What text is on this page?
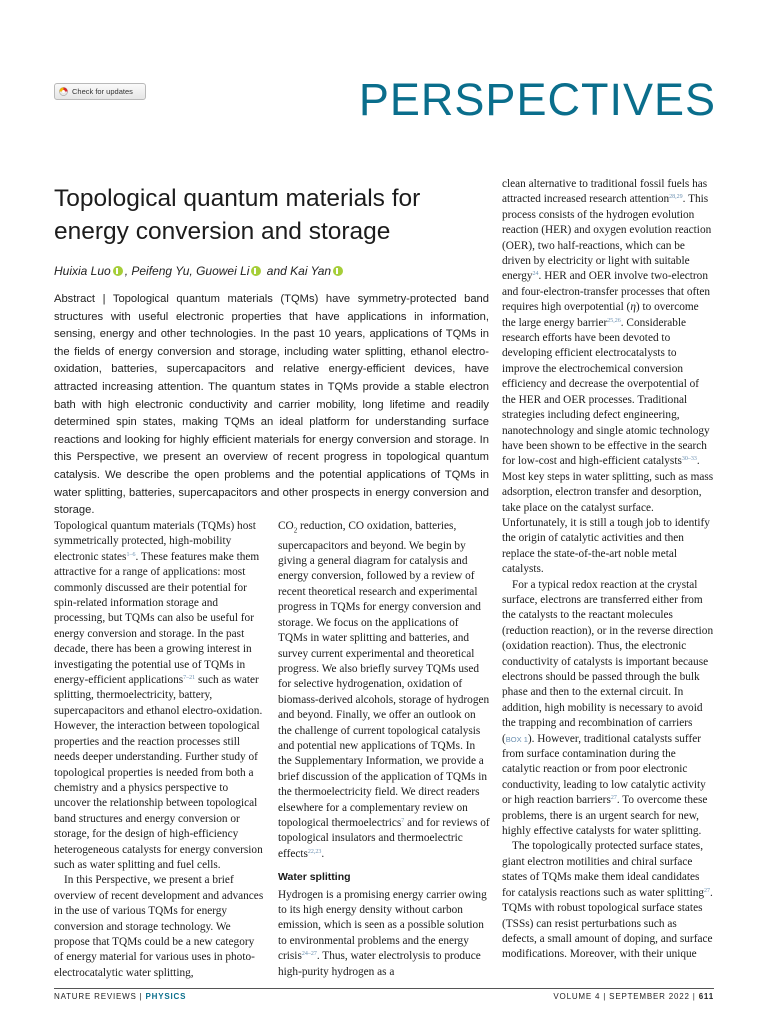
Check for updates	PERSPECTIVES
Topological quantum materials for energy conversion and storage
Huixia Luo , Peifeng Yu, Guowei Li and Kai Yan

Abstract | Topological quantum materials (TQMs) have symmetry-protected band structures with useful electronic properties that have applications in information, sensing, energy and other technologies. In the past 10 years, applications of TQMs in the fields of energy conversion and storage, including water splitting, ethanol electro-oxidation, batteries, supercapacitors and relative energy-efficient devices, have attracted increasing attention. The quantum states in TQMs provide a stable electron bath with high electronic conductivity and carrier mobility, long lifetime and readily determined spin states, making TQMs an ideal platform for understanding surface reactions and looking for highly efficient materials for energy conversion and storage. In this Perspective, we present an overview of recent progress in topological quantum catalysis. We describe the open problems and the potential applications of TQMs in water splitting, batteries, supercapacitors and other prospects in energy conversion and storage.

Topological quantum materials (TQMs) host symmetrically protected, high-mobility electronic states$^{1-6}$. These features make them attractive for a range of applications: most commonly discussed are their potential for spin-related information storage and processing, but TQMs can also be useful for energy conversion and storage. In the past decade, there has been a growing interest in investigating the potential use of TQMs in energy-efficient applications$^{7-21}$ such as water splitting, thermoelectricity, battery, supercapacitors and ethanol electro-oxidation. However, the interaction between topological properties and the reaction processes still needs deeper understanding. Further study of topological properties is needed from both a chemistry and a physics perspective to uncover the relationship between topological band structures and energy conversion or storage, for the design of high-efficiency heterogeneous catalysts for energy conversion such as water splitting and fuel cells.

In this Perspective, we present a brief overview of recent development and advances in the use of various TQMs for energy conversion and storage technology. We propose that TQMs could be a new category of energy material for various uses in photo-electrocatalytic water splitting,

$CO_2$ reduction, CO oxidation, batteries, supercapacitors and beyond. We begin by giving a general diagram for catalysis and energy conversion, followed by a review of recent theoretical research and experimental progress in TQMs for energy conversion and storage. We focus on the applications of TQMs in water splitting and batteries, and survey current experimental and theoretical progress. We also briefly survey TQMs used for selective hydrogenation, oxidation of biomass-derived alcohols, storage of hydrogen and beyond. Finally, we offer an outlook on the challenge of current topological catalysis and potential new applications of TQMs. In the Supplementary Information, we provide a brief discussion of the application of TQMs in the thermoelectricity field. We direct readers elsewhere for a complementary review on topological thermoelectrics$^7$ and for reviews of topological insulators and thermoelectric effects$^{22,23}$.

Water splitting

Hydrogen is a promising energy carrier owing to its high energy density without carbon emission, which is seen as a possible solution to environmental problems and the energy crisis$^{24-27}$. Thus, water electrolysis to produce high-purity hydrogen as a

clean alternative to traditional fossil fuels has attracted increased research attention$^{28,29}$. This process consists of the hydrogen evolution reaction (HER) and oxygen evolution reaction (OER), two half-reactions, which can be driven by electricity or light with suitable energy$^{24}$. HER and OER involve two-electron and four-electron-transfer processes that often requires high overpotential (η) to overcome the large energy barrier$^{25,26}$. Considerable research efforts have been devoted to developing efficient electrocatalysts to improve the electrochemical conversion efficiency and decrease the overpotential of the HER and OER processes. Traditional strategies including defect engineering, nanotechnology and single atomic technology have been shown to be effective in the search for low-cost and high-efficient catalysts$^{30-33}$. Most key steps in water splitting, such as mass adsorption, electron transfer and desorption, take place on the catalyst surface. Unfortunately, it is still a tough job to identify the origin of catalytic activities and then replace the state-of-the-art noble metal catalysts.

For a typical redox reaction at the crystal surface, electrons are transferred either from the catalysts to the reactant molecules (reduction reaction), or in the reverse direction (oxidation reaction). Thus, the electronic conductivity of catalysts is important because electrons should be passed through the bulk phase and then to the external circuit. In addition, high mobility is necessary to avoid the trapping and recombination of carriers (BOX 1). However, traditional catalysts suffer from surface contamination during the catalytic reaction or from poor electronic conductivity, leading to low catalytic activity or high reaction barriers$^{27}$. To overcome these problems, there is an urgent search for new, highly effective catalysts for water splitting.

The topologically protected surface states, giant electron motilities and chiral surface states of TQMs make them ideal candidates for catalysis reactions such as water splitting$^{27}$. TQMs with robust topological surface states (TSSs) can resist perturbations such as defects, a small amount of doping, and surface modifications. Moreover, with their unique

NATURE REVIEWS | PHYSICS	VOLUME 4 | SEPTEMBER 2022 | 611
